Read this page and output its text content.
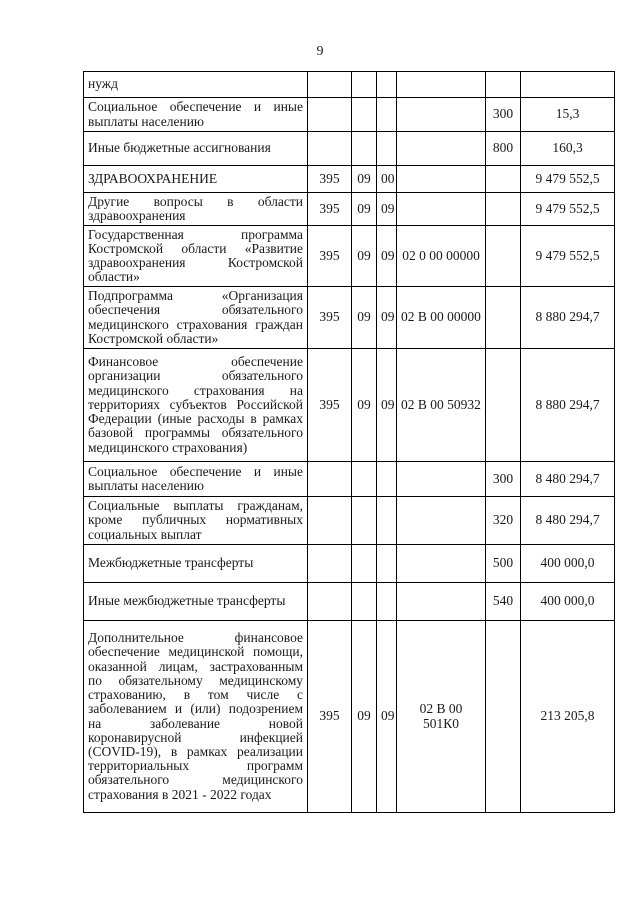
9
нужд						
Социальное обеспечение и иные выплаты населению					300	15,3
Иные бюджетные ассигнования					800	160,3
ЗДРАВООХРАНЕНИЕ	395	09	00			9 479 552,5
Другие вопросы в области здравоохранения	395	09	09			9 479 552,5
Государственная программа Костромской области «Развитие здравоохранения Костромской области»	395	09	09	02 0 00 00000		9 479 552,5
Подпрограмма «Организация обеспечения обязательного медицинского страхования граждан Костромской области»	395	09	09	02 В 00 00000		8 880 294,7
Финансовое обеспечение организации обязательного медицинского страхования на территориях субъектов Российской Федерации (иные расходы в рамках базовой программы обязательного медицинского страхования)	395	09	09	02 В 00 50932		8 880 294,7
Социальное обеспечение и иные выплаты населению					300	8 480 294,7
Социальные выплаты гражданам, кроме публичных нормативных социальных выплат					320	8 480 294,7
Межбюджетные трансферты					500	400 000,0
Иные межбюджетные трансферты					540	400 000,0
Дополнительное финансовое обеспечение медицинской помощи, оказанной лицам, застрахованным по обязательному медицинскому страхованию, в том числе с заболеванием и (или) подозрением на заболевание новой коронавирусной инфекцией (COVID-19), в рамках реализации территориальных программ обязательного медицинского страхования в 2021 - 2022 годах	395	09	09	02 В 00 501К0		213 205,8
